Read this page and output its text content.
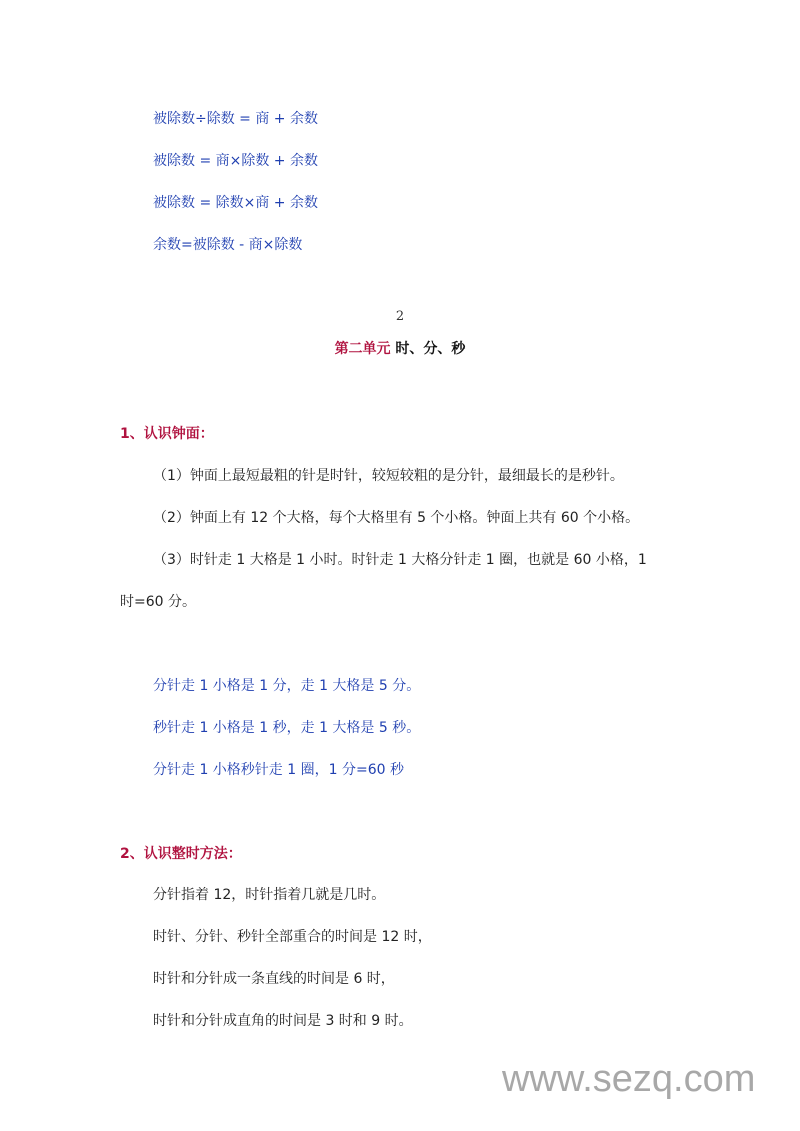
被除数÷除数 = 商 + 余数
被除数 = 商×除数 + 余数
被除数 = 除数×商 + 余数
余数=被除数 - 商×除数
2
第二单元 时、分、秒
1、认识钟面：
（1）钟面上最短最粗的针是时针，较短较粗的是分针，最细最长的是秒针。
（2）钟面上有 12 个大格，每个大格里有 5 个小格。钟面上共有 60 个小格。
（3）时针走 1 大格是 1 小时。时针走 1 大格分针走 1 圈，也就是 60 小格，1
时=60 分。
分针走 1 小格是 1 分，走 1 大格是 5 分。
秒针走 1 小格是 1 秒，走 1 大格是 5 秒。
分针走 1 小格秒针走 1 圈，1 分=60 秒
2、认识整时方法：
分针指着 12，时针指着几就是几时。
时针、分针、秒针全部重合的时间是 12 时，
时针和分针成一条直线的时间是 6 时，
时针和分针成直角的时间是 3 时和 9 时。
www.sezq.com
